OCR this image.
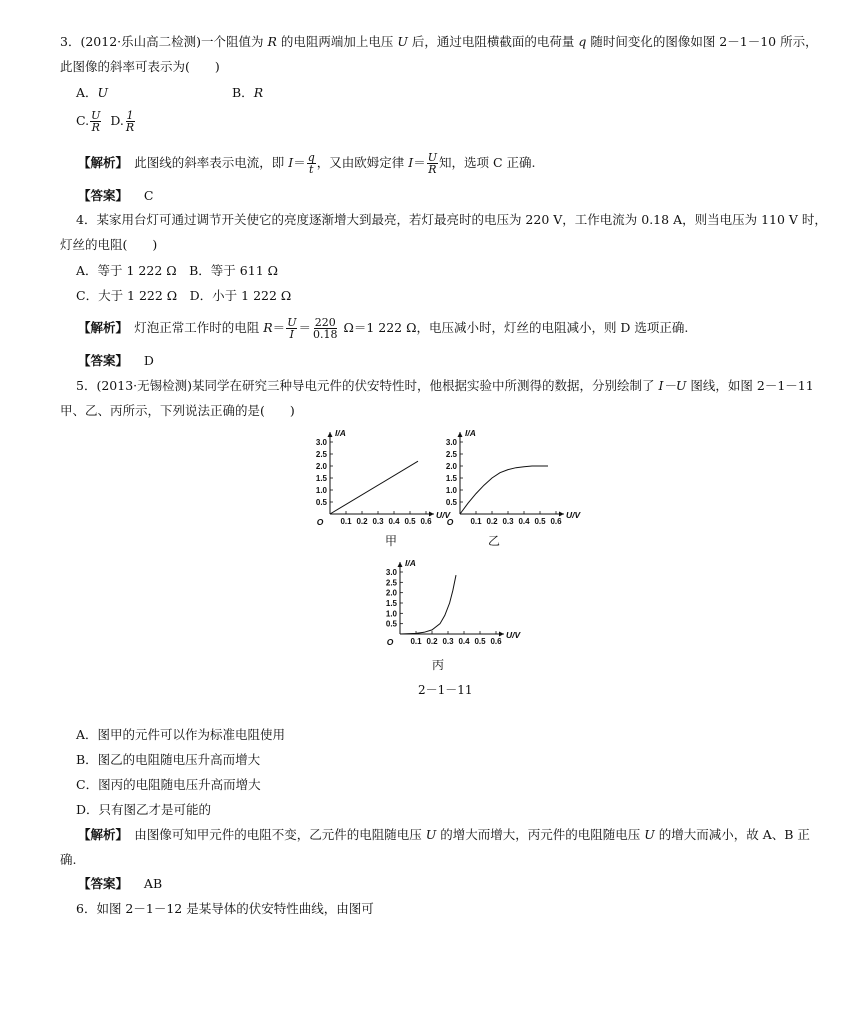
3．(2012·乐山高二检测)一个阻值为 R 的电阻两端加上电压 U 后，通过电阻横截面的电荷量 q 随时间变化的图像如图 2－1－10 所示，
此图像的斜率可表示为(　　)
A．U	B．R
C. $\frac{U}{R} D$. $\frac{1}{R}$
【解析】　此图线的斜率表示电流，即 $I= \frac{q}{t}$ ，又由欧姆定律 $I= \frac{U}{R}$ 知，选项 C 正确.
【答案】 C
4．某家用台灯可通过调节开关使它的亮度逐渐增大到最亮，若灯最亮时的电压为 220 V，工作电流为 0.18 A，则当电压为 110 V 时，
灯丝的电阻(　　)
A．等于 1 222 Ω　B．等于 611 Ω
C．大于 1 222 Ω　D．小于 1 222 Ω
【解析】　灯泡正常工作时的电阻 $R= \frac{U}{I} = \frac{220}{0.18} \Omega=1$ 222 Ω，电压减小时，灯丝的电阻减小，则 D 选项正确.
【答案】 D
5．(2013·无锡检测)某同学在研究三种导电元件的伏安特性时，他根据实验中所测得的数据，分别绘制了 I－U 图线，如图 2－1－11
甲、乙、丙所示，下列说法正确的是(　　)
0.1 0.2 0.3 0.4 0.5 0.6
0.5
1.0
1.5
2.0
2.5
3.0
O
U/V
I/A
0.1 0.2 0.3 0.4 0.5 0.6
0.5
1.0
1.5
2.0
2.5
3.0
O
U/V
I/A
0.1 0.2 0.3 0.4 0.5 0.6
0.5
1.0
1.5
2.0
2.5
3.0
O
U/V
I/A
甲	乙
丙
2－1－11
A．图甲的元件可以作为标准电阻使用
B．图乙的电阻随电压升高而增大
C．图丙的电阻随电压升高而增大
D．只有图乙才是可能的
【解析】　由图像可知甲元件的电阻不变，乙元件的电阻随电压 U 的增大而增大，丙元件的电阻随电压 U 的增大而减小，故 A、B 正
确.
【答案】 AB
6．如图 2－1－12 是某导体的伏安特性曲线，由图可
